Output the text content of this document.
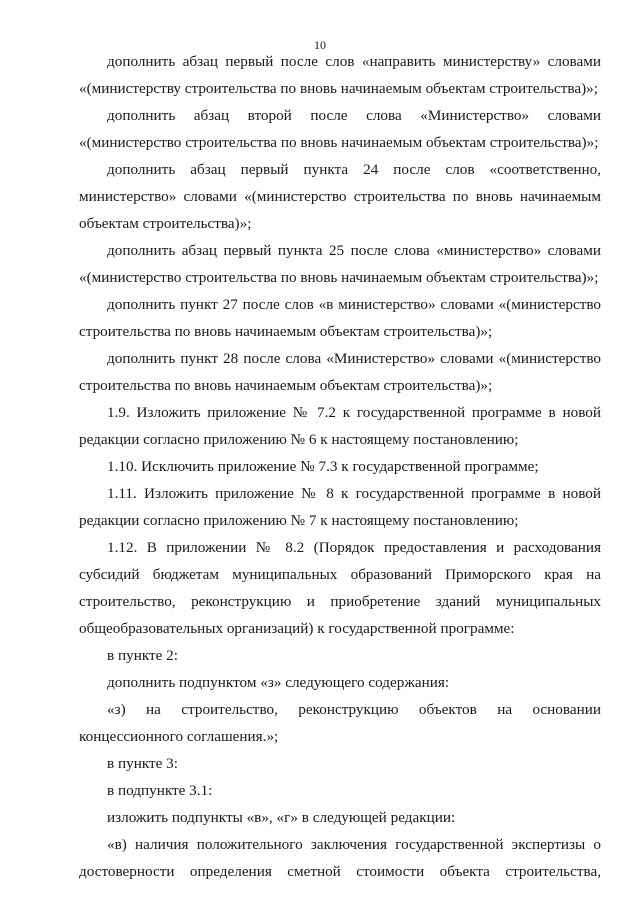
10

дополнить абзац первый после слов «направить министерству» словами «(министерству строительства по вновь начинаемым объектам строительства)»;

дополнить абзац второй после слова «Министерство» словами «(министерство строительства по вновь начинаемым объектам строительства)»;

дополнить абзац первый пункта 24 после слов «соответственно, министерство» словами «(министерство строительства по вновь начинаемым объектам строительства)»;

дополнить абзац первый пункта 25 после слова «министерство» словами «(министерство строительства по вновь начинаемым объектам строительства)»;

дополнить пункт 27 после слов «в министерство» словами «(министерство строительства по вновь начинаемым объектам строительства)»;

дополнить пункт 28 после слова «Министерство» словами «(министерство строительства по вновь начинаемым объектам строительства)»;

1.9. Изложить приложение № 7.2 к государственной программе в новой редакции согласно приложению № 6 к настоящему постановлению;

1.10. Исключить приложение № 7.3 к государственной программе;

1.11. Изложить приложение № 8 к государственной программе в новой редакции согласно приложению № 7 к настоящему постановлению;

1.12. В приложении № 8.2 (Порядок предоставления и расходования субсидий бюджетам муниципальных образований Приморского края на строительство, реконструкцию и приобретение зданий муниципальных общеобразовательных организаций) к государственной программе:

в пункте 2:

дополнить подпунктом «з» следующего содержания:

«з) на строительство, реконструкцию объектов на основании концессионного соглашения.»;

в пункте 3:

в подпункте 3.1:

изложить подпункты «в», «г» в следующей редакции:

«в) наличия положительного заключения государственной экспертизы о достоверности определения сметной стоимости объекта строительства,
